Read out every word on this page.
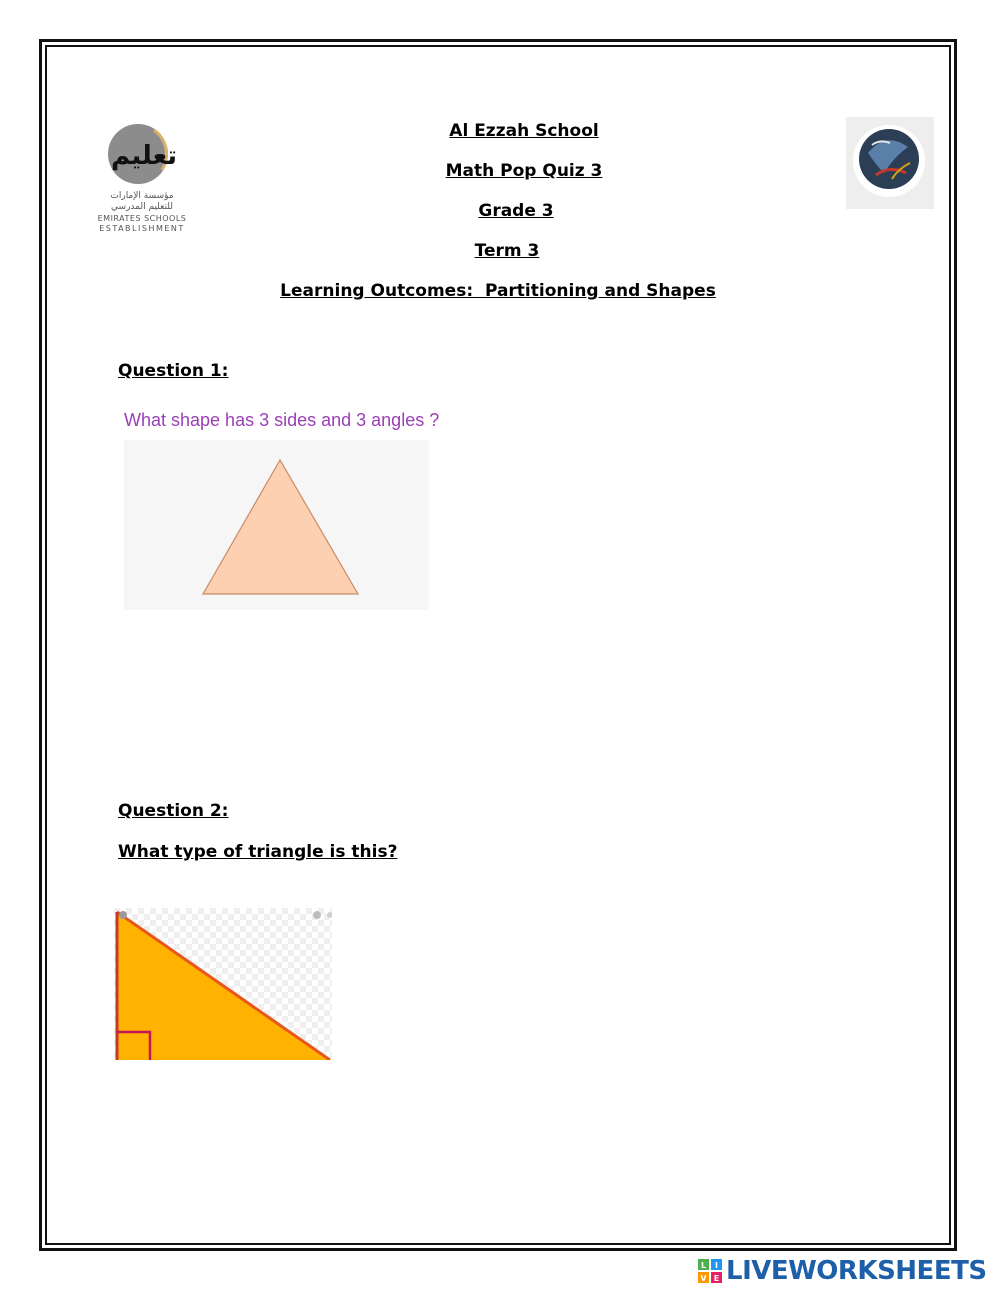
تعليم
مؤسسة الإمارات
للتعليم المدرسي
EMIRATES SCHOOLS
ESTABLISHMENT
Al Ezzah School
Math Pop Quiz 3
Grade 3
Term 3
Learning Outcomes:  Partitioning and Shapes
Question 1:
What shape has 3 sides and 3 angles ?
Question 2:
What type of triangle is this?
L I
V E LIVEWORKSHEETS
